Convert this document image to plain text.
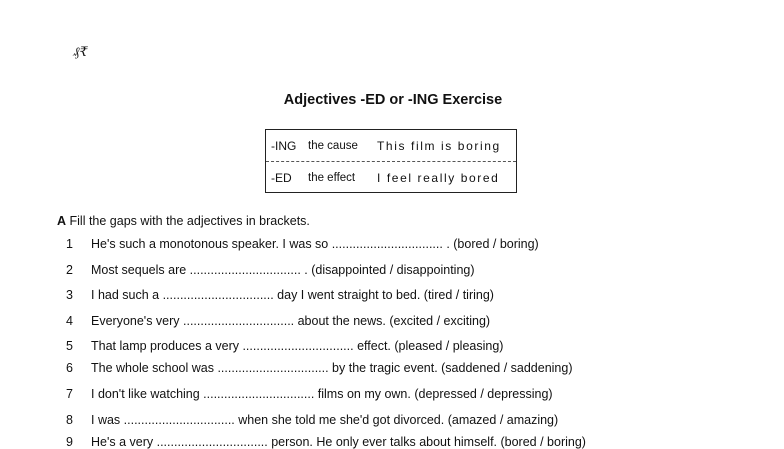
₰₹
Adjectives -ED or -ING Exercise
-ING	the cause	This film is boring
-ED	the effect	I feel really bored
A Fill the gaps with the adjectives in brackets.
1 He's such a monotonous speaker. I was so ................................ . (bored / boring)
2 Most sequels are ................................ . (disappointed / disappointing)
3 I had such a ................................ day I went straight to bed. (tired / tiring)
4 Everyone's very ................................ about the news. (excited / exciting)
5 That lamp produces a very ................................ effect. (pleased / pleasing)
6 The whole school was ................................ by the tragic event. (saddened / saddening)
7 I don't like watching ................................ films on my own. (depressed / depressing)
8 I was ................................ when she told me she'd got divorced. (amazed / amazing)
9 He's a very ................................ person. He only ever talks about himself. (bored / boring)
